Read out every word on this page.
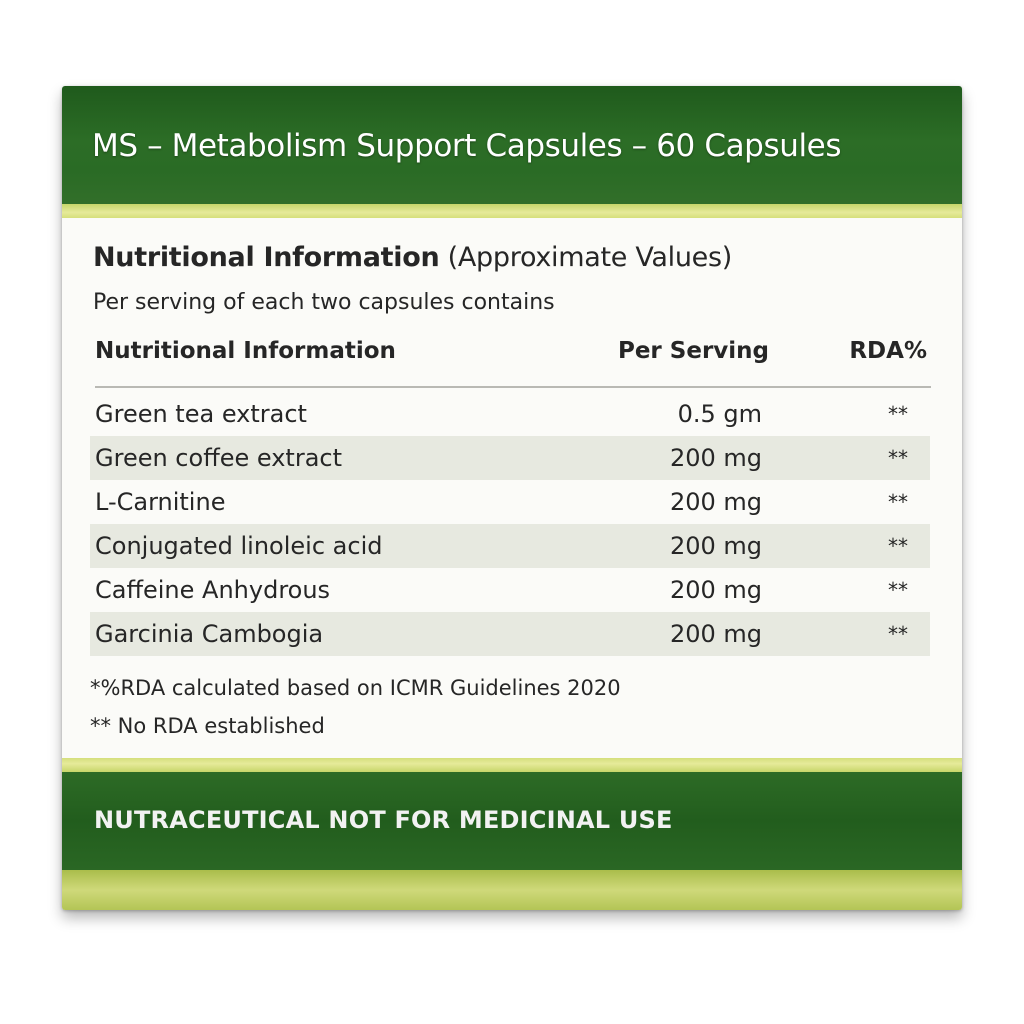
MS – Metabolism Support Capsules – 60 Capsules
Nutritional Information (Approximate Values)
Per serving of each two capsules contains
Nutritional Information	Per Serving	RDA%
Green tea extract	0.5 gm	**
Green coffee extract	200 mg	**
L-Carnitine	200 mg	**
Conjugated linoleic acid	200 mg	**
Caffeine Anhydrous	200 mg	**
Garcinia Cambogia	200 mg	**
*%RDA calculated based on ICMR Guidelines 2020
** No RDA established
NUTRACEUTICAL NOT FOR MEDICINAL USE
